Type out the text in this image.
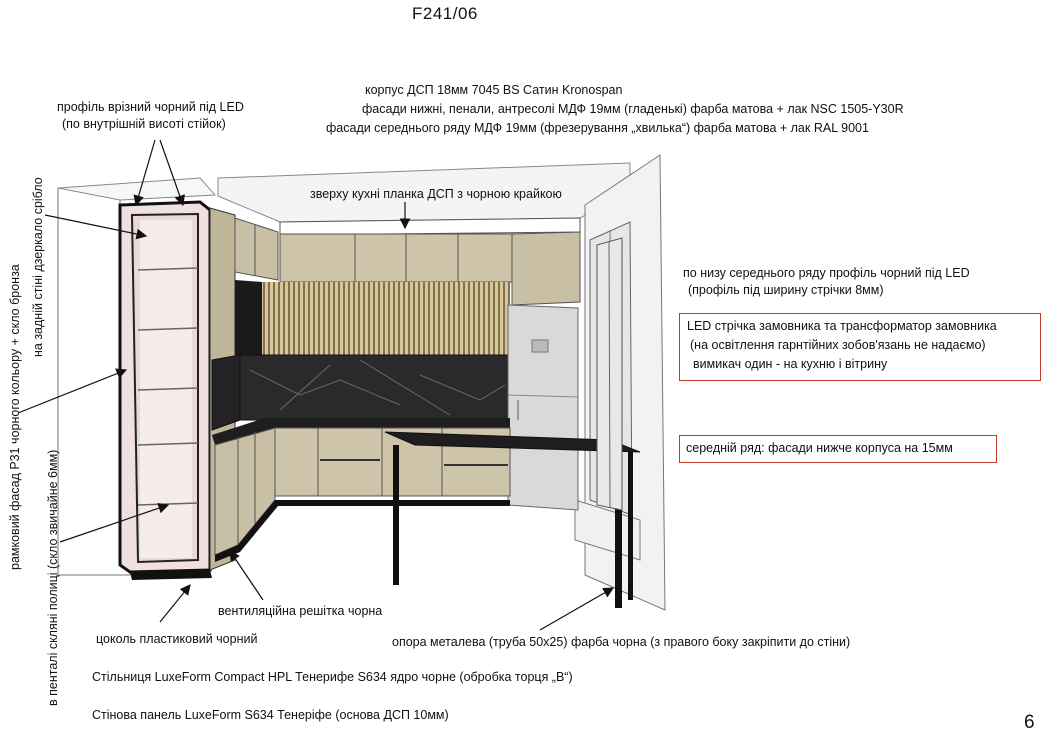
F241/06
корпус ДСП 18мм 7045 BS Сатин Kronospan
фасади нижні, пенали, антресолі МДФ 19мм (гладенькі) фарба матова + лак NSC 1505-Y30R
фасади середнього ряду МДФ 19мм (фрезерування „хвилька“) фарба матова + лак RAL 9001
профіль врізний чорний під LED
(по внутрішній висоті стійок)
зверху кухні планка ДСП з чорною крайкою
по низу середнього ряду профіль чорний під LED
(профіль під ширину стрічки 8мм)
LED стрічка замовника та трансформатор замовника
(на освітлення гарнтійних зобов'язань не надаємо)
вимикач один - на кухню і вітрину
середній ряд: фасади нижче корпуса на 15мм
рамковий фасад Р31 чорного кольору + скло бронза на задній стіні дзеркало срібло
в пенталі скляні полиці (скло звичайне 6мм)	вентиляційна решітка чорна
цоколь пластиковий чорний	опора металева (труба 50х25) фарба чорна (з правого боку закріпити до стіни)
Стільниця LuxeForm Compact HPL Тенерифе S634 ядро чорне (обробка торця „B“)
Стінова панель LuxeForm S634 Тенеріфе (основа ДСП 10мм)	6
